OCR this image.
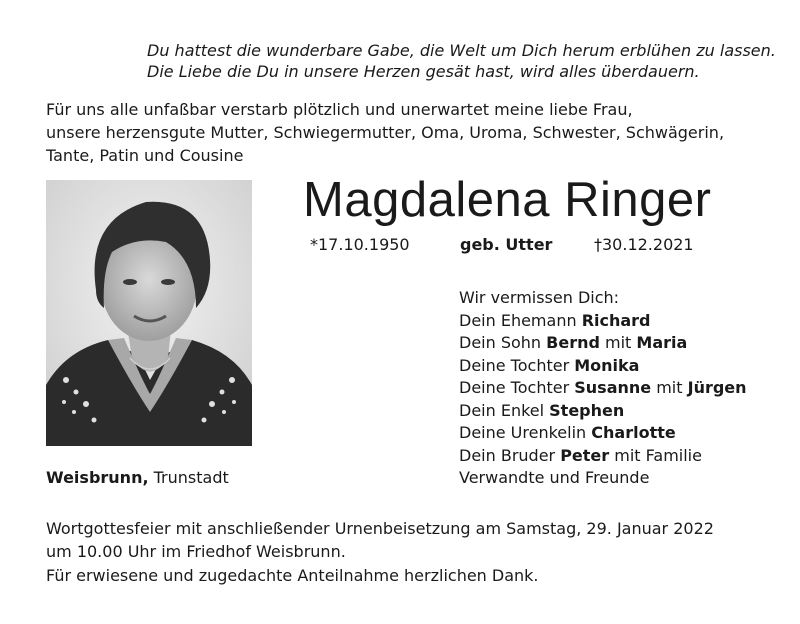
Du hattest die wunderbare Gabe, die Welt um Dich herum erblühen zu lassen.
Die Liebe die Du in unsere Herzen gesät hast, wird alles überdauern.
Für uns alle unfaßbar verstarb plötzlich und unerwartet meine liebe Frau,
unsere herzensgute Mutter, Schwiegermutter, Oma, Uroma, Schwester, Schwägerin,
Tante, Patin und Cousine
Magdalena Ringer
*17.10.1950	geb. Utter	†30.12.2021
Weisbrunn, Trunstadt
Wir vermissen Dich:
Dein Ehemann Richard
Dein Sohn Bernd mit Maria
Deine Tochter Monika
Deine Tochter Susanne mit Jürgen
Dein Enkel Stephen
Deine Urenkelin Charlotte
Dein Bruder Peter mit Familie
Verwandte und Freunde
Wortgottesfeier mit anschließender Urnenbeisetzung am Samstag, 29. Januar 2022
um 10.00 Uhr im Friedhof Weisbrunn.
Für erwiesene und zugedachte Anteilnahme herzlichen Dank.
